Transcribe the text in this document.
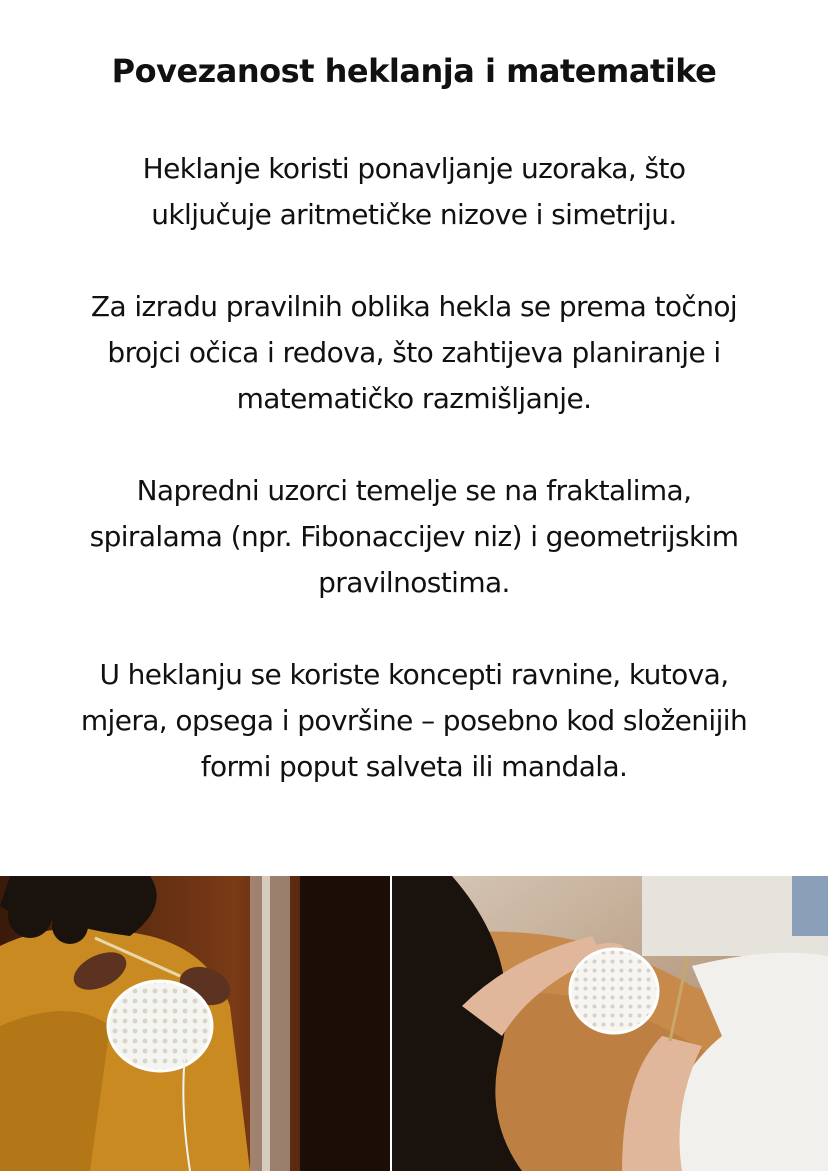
Povezanost heklanja i matematike

Heklanje koristi ponavljanje uzoraka, što uključuje aritmetičke nizove i simetriju.

Za izradu pravilnih oblika hekla se prema točnoj brojci očica i redova, što zahtijeva planiranje i matematičko razmišljanje.

Napredni uzorci temelje se na fraktalima, spiralama (npr. Fibonaccijev niz) i geometrijskim pravilnostima.

U heklanju se koriste koncepti ravnine, kutova, mjera, opsega i površine – posebno kod složenijih formi poput salveta ili mandala.
